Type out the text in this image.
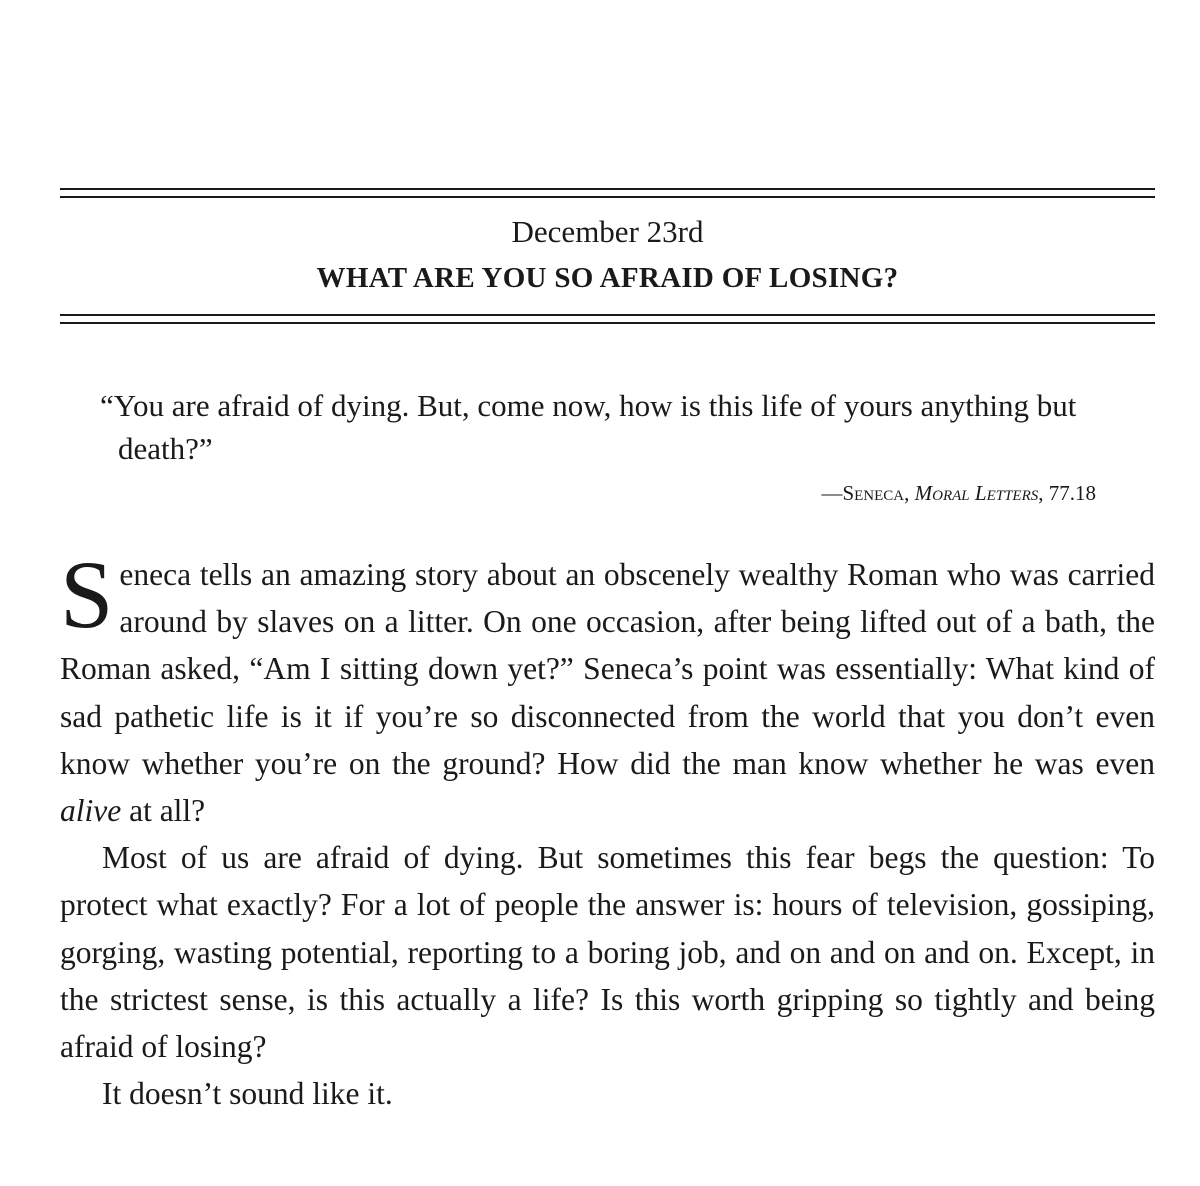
December 23rd
WHAT ARE YOU SO AFRAID OF LOSING?

“You are afraid of dying. But, come now, how is this life of yours anything but death?”

—Seneca, Moral Letters, 77.18

Seneca tells an amazing story about an obscenely wealthy Roman who was carried around by slaves on a litter. On one occasion, after being lifted out of a bath, the Roman asked, “Am I sitting down yet?” Seneca’s point was essentially: What kind of sad pathetic life is it if you’re so disconnected from the world that you don’t even know whether you’re on the ground? How did the man know whether he was even alive at all?

Most of us are afraid of dying. But sometimes this fear begs the question: To protect what exactly? For a lot of people the answer is: hours of television, gossiping, gorging, wasting potential, reporting to a boring job, and on and on and on. Except, in the strictest sense, is this actually a life? Is this worth gripping so tightly and being afraid of losing?

It doesn’t sound like it.
